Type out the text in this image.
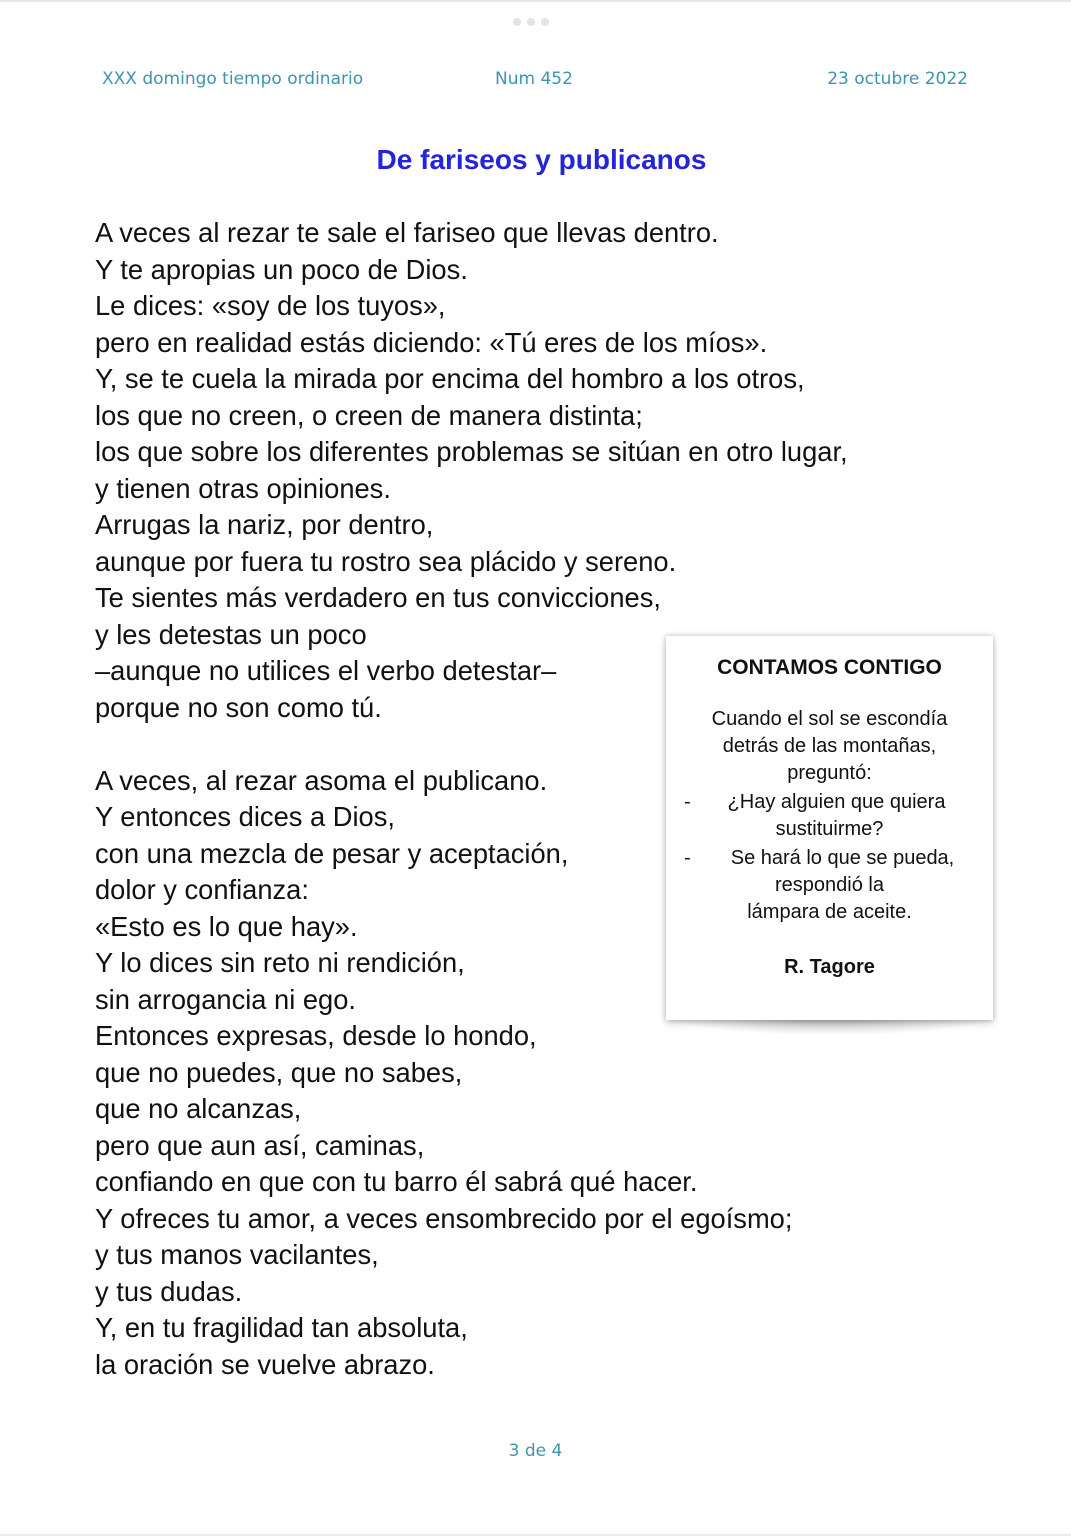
XXX domingo tiempo ordinario	Num 452	23 octubre 2022
De fariseos y publicanos
A veces al rezar te sale el fariseo que llevas dentro.
Y te apropias un poco de Dios.
Le dices: «soy de los tuyos»,
pero en realidad estás diciendo: «Tú eres de los míos».
Y, se te cuela la mirada por encima del hombro a los otros,
los que no creen, o creen de manera distinta;
los que sobre los diferentes problemas se sitúan en otro lugar,
y tienen otras opiniones.
Arrugas la nariz, por dentro,
aunque por fuera tu rostro sea plácido y sereno.
Te sientes más verdadero en tus convicciones,
y les detestas un poco
–aunque no utilices el verbo detestar–
porque no son como tú.
A veces, al rezar asoma el publicano.
Y entonces dices a Dios,
con una mezcla de pesar y aceptación,
dolor y confianza:
«Esto es lo que hay».
Y lo dices sin reto ni rendición,
sin arrogancia ni ego.
Entonces expresas, desde lo hondo,
que no puedes, que no sabes,
que no alcanzas,
pero que aun así, caminas,
confiando en que con tu barro él sabrá qué hacer.
Y ofreces tu amor, a veces ensombrecido por el egoísmo;
y tus manos vacilantes,
y tus dudas.
Y, en tu fragilidad tan absoluta,
la oración se vuelve abrazo.
CONTAMOS CONTIGO
Cuando el sol se escondía
detrás de las montañas,
preguntó:
-	¿Hay alguien que quiera
sustituirme?
-	Se hará lo que se pueda,
respondió la
lámpara de aceite.
R. Tagore
3 de 4
